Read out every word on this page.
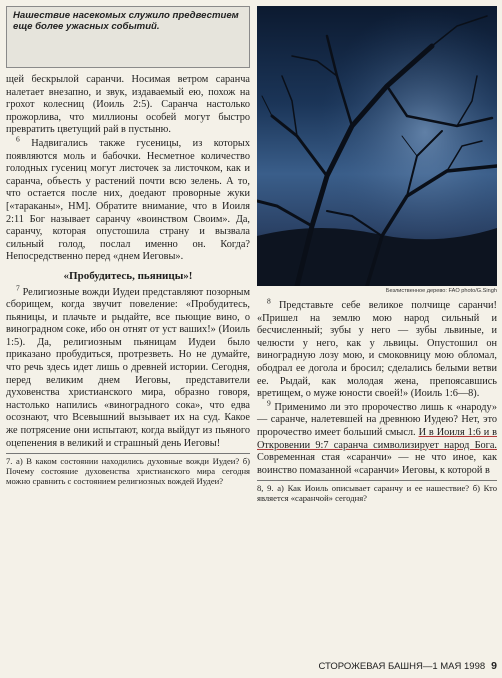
Нашествие насекомых служило предвестием еще более ужасных событий.

щей бескрылой саранчи. Носимая ветром саранча налетает внезапно, и звук, издаваемый ею, похож на грохот колесниц (Иоиль 2:5). Саранча настолько прожорлива, что миллионы особей могут быстро превратить цветущий рай в пустыню.

$^6$ Надвигались также гусеницы, из которых появляются моль и бабочки. Несметное количество голодных гусениц могут листочек за листочком, как и саранча, объесть у растений почти всю зелень. А то, что остается после них, доедают проворные жуки [«тараканы», НМ]. Обратите внимание, что в Иоиля 2:11 Бог называет саранчу «воинством Своим». Да, саранчу, которая опустошила страну и вызвала сильный голод, послал именно он. Когда? Непосредственно перед «днем Иеговы».

«Пробудитесь, пьяницы»!

$^7$ Религиозные вожди Иудеи представляют позорным сборищем, когда звучит повеление: «Пробудитесь, пьяницы, и плачьте и рыдайте, все пьющие вино, о виноградном соке, ибо он отнят от уст ваших!» (Иоиль 1:5). Да, религиозным пьяницам Иудеи было приказано пробудиться, протрезветь. Но не думайте, что речь здесь идет лишь о древней истории. Сегодня, перед великим днем Иеговы, представители духовенства христианского мира, образно говоря, настолько напились «виноградного сока», что едва осознают, что Всевышний вызывает их на суд. Какое же потрясение они испытают, когда выйдут из пьяного оцепенения в великий и страшный день Иеговы!

7. а) В каком состоянии находились духовные вожди Иудеи? б) Почему состояние духовенства христианского мира сегодня можно сравнить с состоянием религиозных вождей Иудеи?
Безлиственное дерево: FAO photo/G.Singh

$^8$ Представьте себе великое полчище саранчи! «Пришел на землю мою народ сильный и бесчисленный; зубы у него — зубы львиные, и челюсти у него, как у львицы. Опустошил он виноградную лозу мою, и смоковницу мою обломал, ободрал ее догола и бросил; сделались белыми ветви ее. Рыдай, как молодая жена, препоясавшись вретищем, о муже юности своей!» (Иоиль 1:6—8).

$^9$ Применимо ли это пророчество лишь к «народу» — саранче, налетевшей на древнюю Иудею? Нет, это пророчество имеет больший смысл. И в Иоиля 1:6 и в Откровении 9:7 саранча символизирует народ Бога. Современная стая «саранчи» — не что иное, как воинство помазанной «саранчи» Иеговы, к которой в

8, 9. а) Как Иоиль описывает саранчу и ее нашествие? б) Кто является «саранчой» сегодня?
СТОРОЖЕВАЯ БАШНЯ—1 МАЯ 1998 9
